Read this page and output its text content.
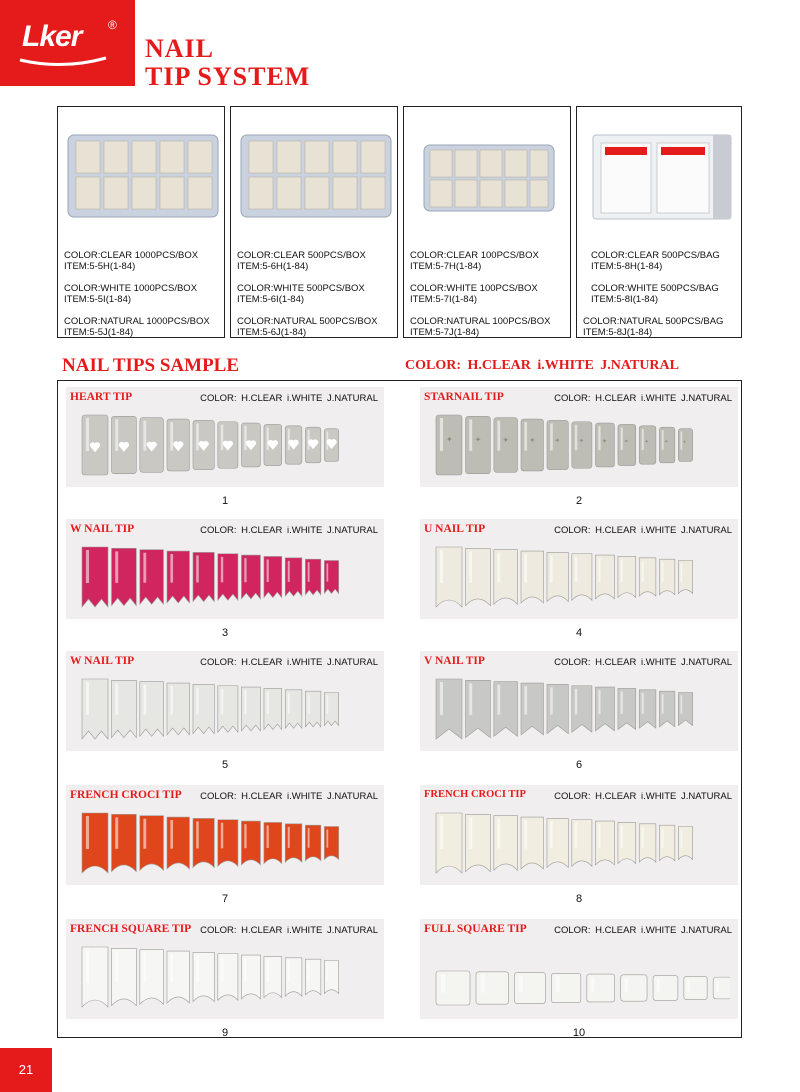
Lker ®
NAIL
TIP SYSTEM
COLOR:CLEAR 1000PCS/BOX
ITEM:5-5H(1-84)
COLOR:WHITE 1000PCS/BOX
ITEM:5-5I(1-84)
COLOR:NATURAL 1000PCS/BOX
ITEM:5-5J(1-84)
COLOR:CLEAR 500PCS/BOX
ITEM:5-6H(1-84)
COLOR:WHITE 500PCS/BOX
ITEM:5-6I(1-84)
COLOR:NATURAL 500PCS/BOX
ITEM:5-6J(1-84)
COLOR:CLEAR 100PCS/BOX
ITEM:5-7H(1-84)
COLOR:WHITE 100PCS/BOX
ITEM:5-7I(1-84)
COLOR:NATURAL 100PCS/BOX
ITEM:5-7J(1-84)
COLOR:CLEAR 500PCS/BAG
ITEM:5-8H(1-84)
COLOR:WHITE 500PCS/BAG
ITEM:5-8I(1-84)
COLOR:NATURAL 500PCS/BAG
ITEM:5-8J(1-84)
NAIL TIPS SAMPLE	COLOR: H.CLEAR i.WHITE J.NATURAL
HEART TIP	COLOR: H.CLEAR i.WHITE J.NATURAL
1
STARNAIL TIP	COLOR: H.CLEAR i.WHITE J.NATURAL
✦	✦	✦	✦	✦	✦	✦	✦	✦	✦	✦
2
W NAIL TIP	COLOR: H.CLEAR i.WHITE J.NATURAL
3
U NAIL TIP	COLOR: H.CLEAR i.WHITE J.NATURAL
4
W NAIL TIP	COLOR: H.CLEAR i.WHITE J.NATURAL
5
V NAIL TIP	COLOR: H.CLEAR i.WHITE J.NATURAL
6
FRENCH CROCI TIP COLOR: H.CLEAR i.WHITE J.NATURAL
7
FRENCH CROCI TIP	COLOR: H.CLEAR i.WHITE J.NATURAL
8
FRENCH SQUARE TIP COLOR: H.CLEAR i.WHITE J.NATURAL
9
FULL SQUARE TIP	COLOR: H.CLEAR i.WHITE J.NATURAL
10
21
